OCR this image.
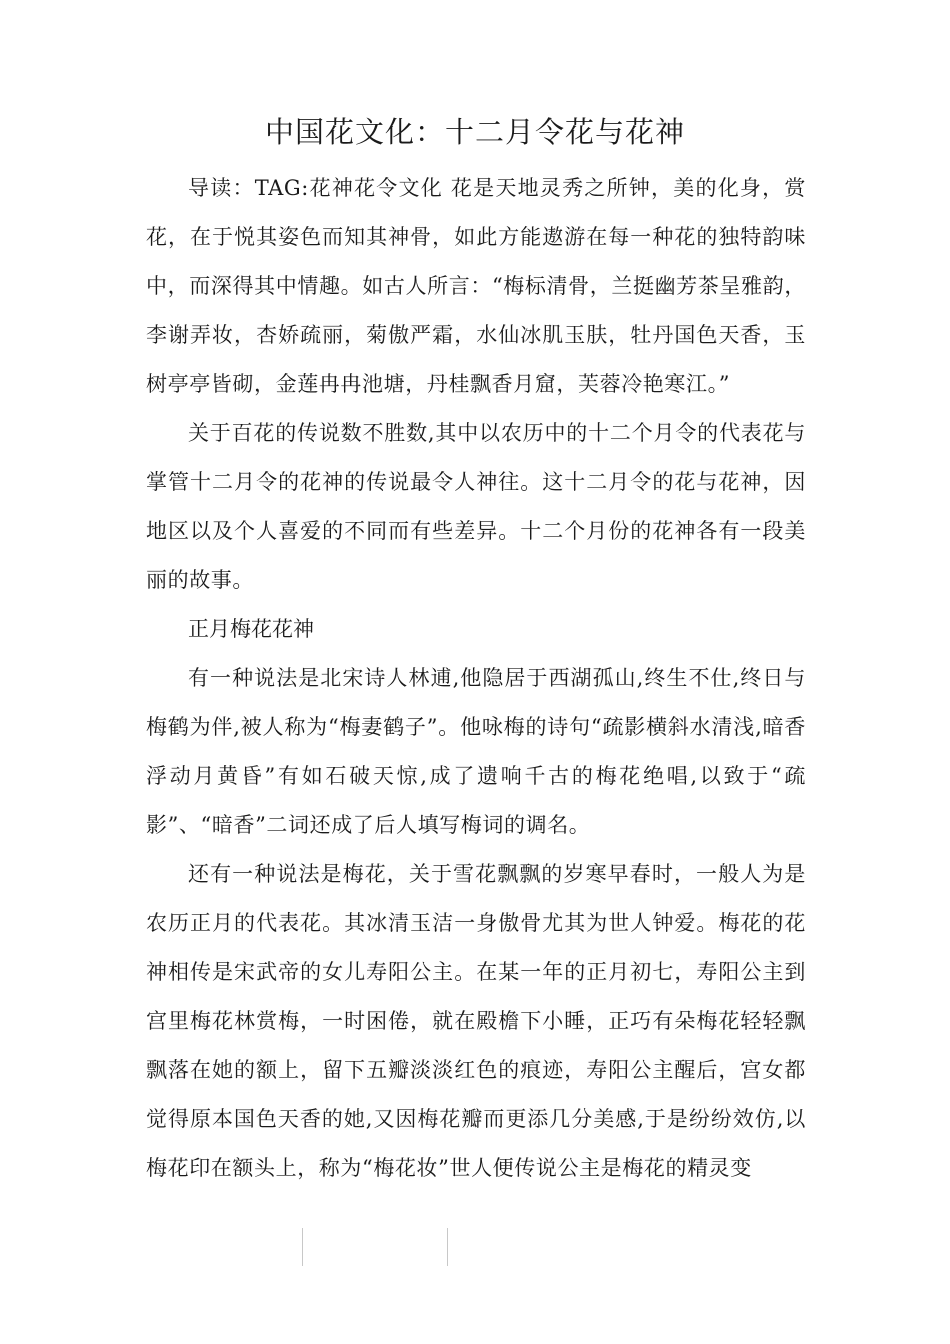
中国花文化：十二月令花与花神

导读：TAG:花神花令文化 花是天地灵秀之所钟，美的化身，赏花，在于悦其姿色而知其神骨，如此方能遨游在每一种花的独特韵味中，而深得其中情趣。如古人所言：“梅标清骨，兰挺幽芳茶呈雅韵，李谢弄妆，杏娇疏丽，菊傲严霜，水仙冰肌玉肤，牡丹国色天香，玉树亭亭皆砌，金莲冉冉池塘，丹桂飘香月窟，芙蓉冷艳寒江。”

关于百花的传说数不胜数,其中以农历中的十二个月令的代表花与掌管十二月令的花神的传说最令人神往。这十二月令的花与花神，因地区以及个人喜爱的不同而有些差异。十二个月份的花神各有一段美丽的故事。

正月梅花花神

有一种说法是北宋诗人林逋,他隐居于西湖孤山,终生不仕,终日与梅鹤为伴,被人称为“梅妻鹤子”。他咏梅的诗句“疏影横斜水清浅,暗香浮动月黄昏”有如石破天惊,成了遗响千古的梅花绝唱,以致于“疏影”、“暗香”二词还成了后人填写梅词的调名。

还有一种说法是梅花，关于雪花飘飘的岁寒早春时，一般人为是农历正月的代表花。其冰清玉洁一身傲骨尤其为世人钟爱。梅花的花神相传是宋武帝的女儿寿阳公主。在某一年的正月初七，寿阳公主到宫里梅花林赏梅，一时困倦，就在殿檐下小睡，正巧有朵梅花轻轻飘飘落在她的额上，留下五瓣淡淡红色的痕迹，寿阳公主醒后，宫女都觉得原本国色天香的她,又因梅花瓣而更添几分美感,于是纷纷效仿,以梅花印在额头上，称为“梅花妆”世人便传说公主是梅花的精灵变
